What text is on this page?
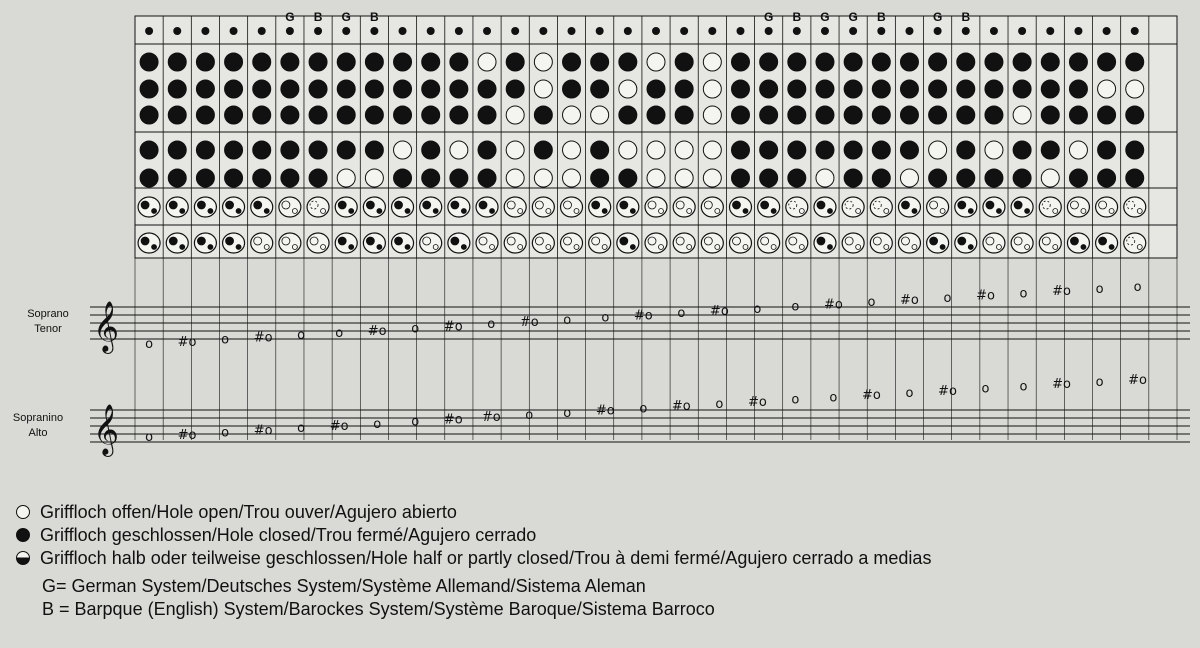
G B G B	G B G G B	G B
𝄞
𝄞
o #o o #o o o #o o #o o #o o o #o o #o o o #o o #o o #o o #o o o
o #o o #o o #o o o #o #o o o #o o #o o #o o o #o o #o o o #o o #o
Soprano
Tenor
Sopranino
Alto
Griffloch offen/Hole open/Trou ouver/Agujero abierto
Griffloch geschlossen/Hole closed/Trou fermé/Agujero cerrado
Griffloch halb oder teilweise geschlossen/Hole half or partly closed/Trou à demi fermé/Agujero cerrado a medias
G= German System/Deutsches System/Système Allemand/Sistema Aleman
B = Barpque (English) System/Barockes System/Système Baroque/Sistema Barroco
